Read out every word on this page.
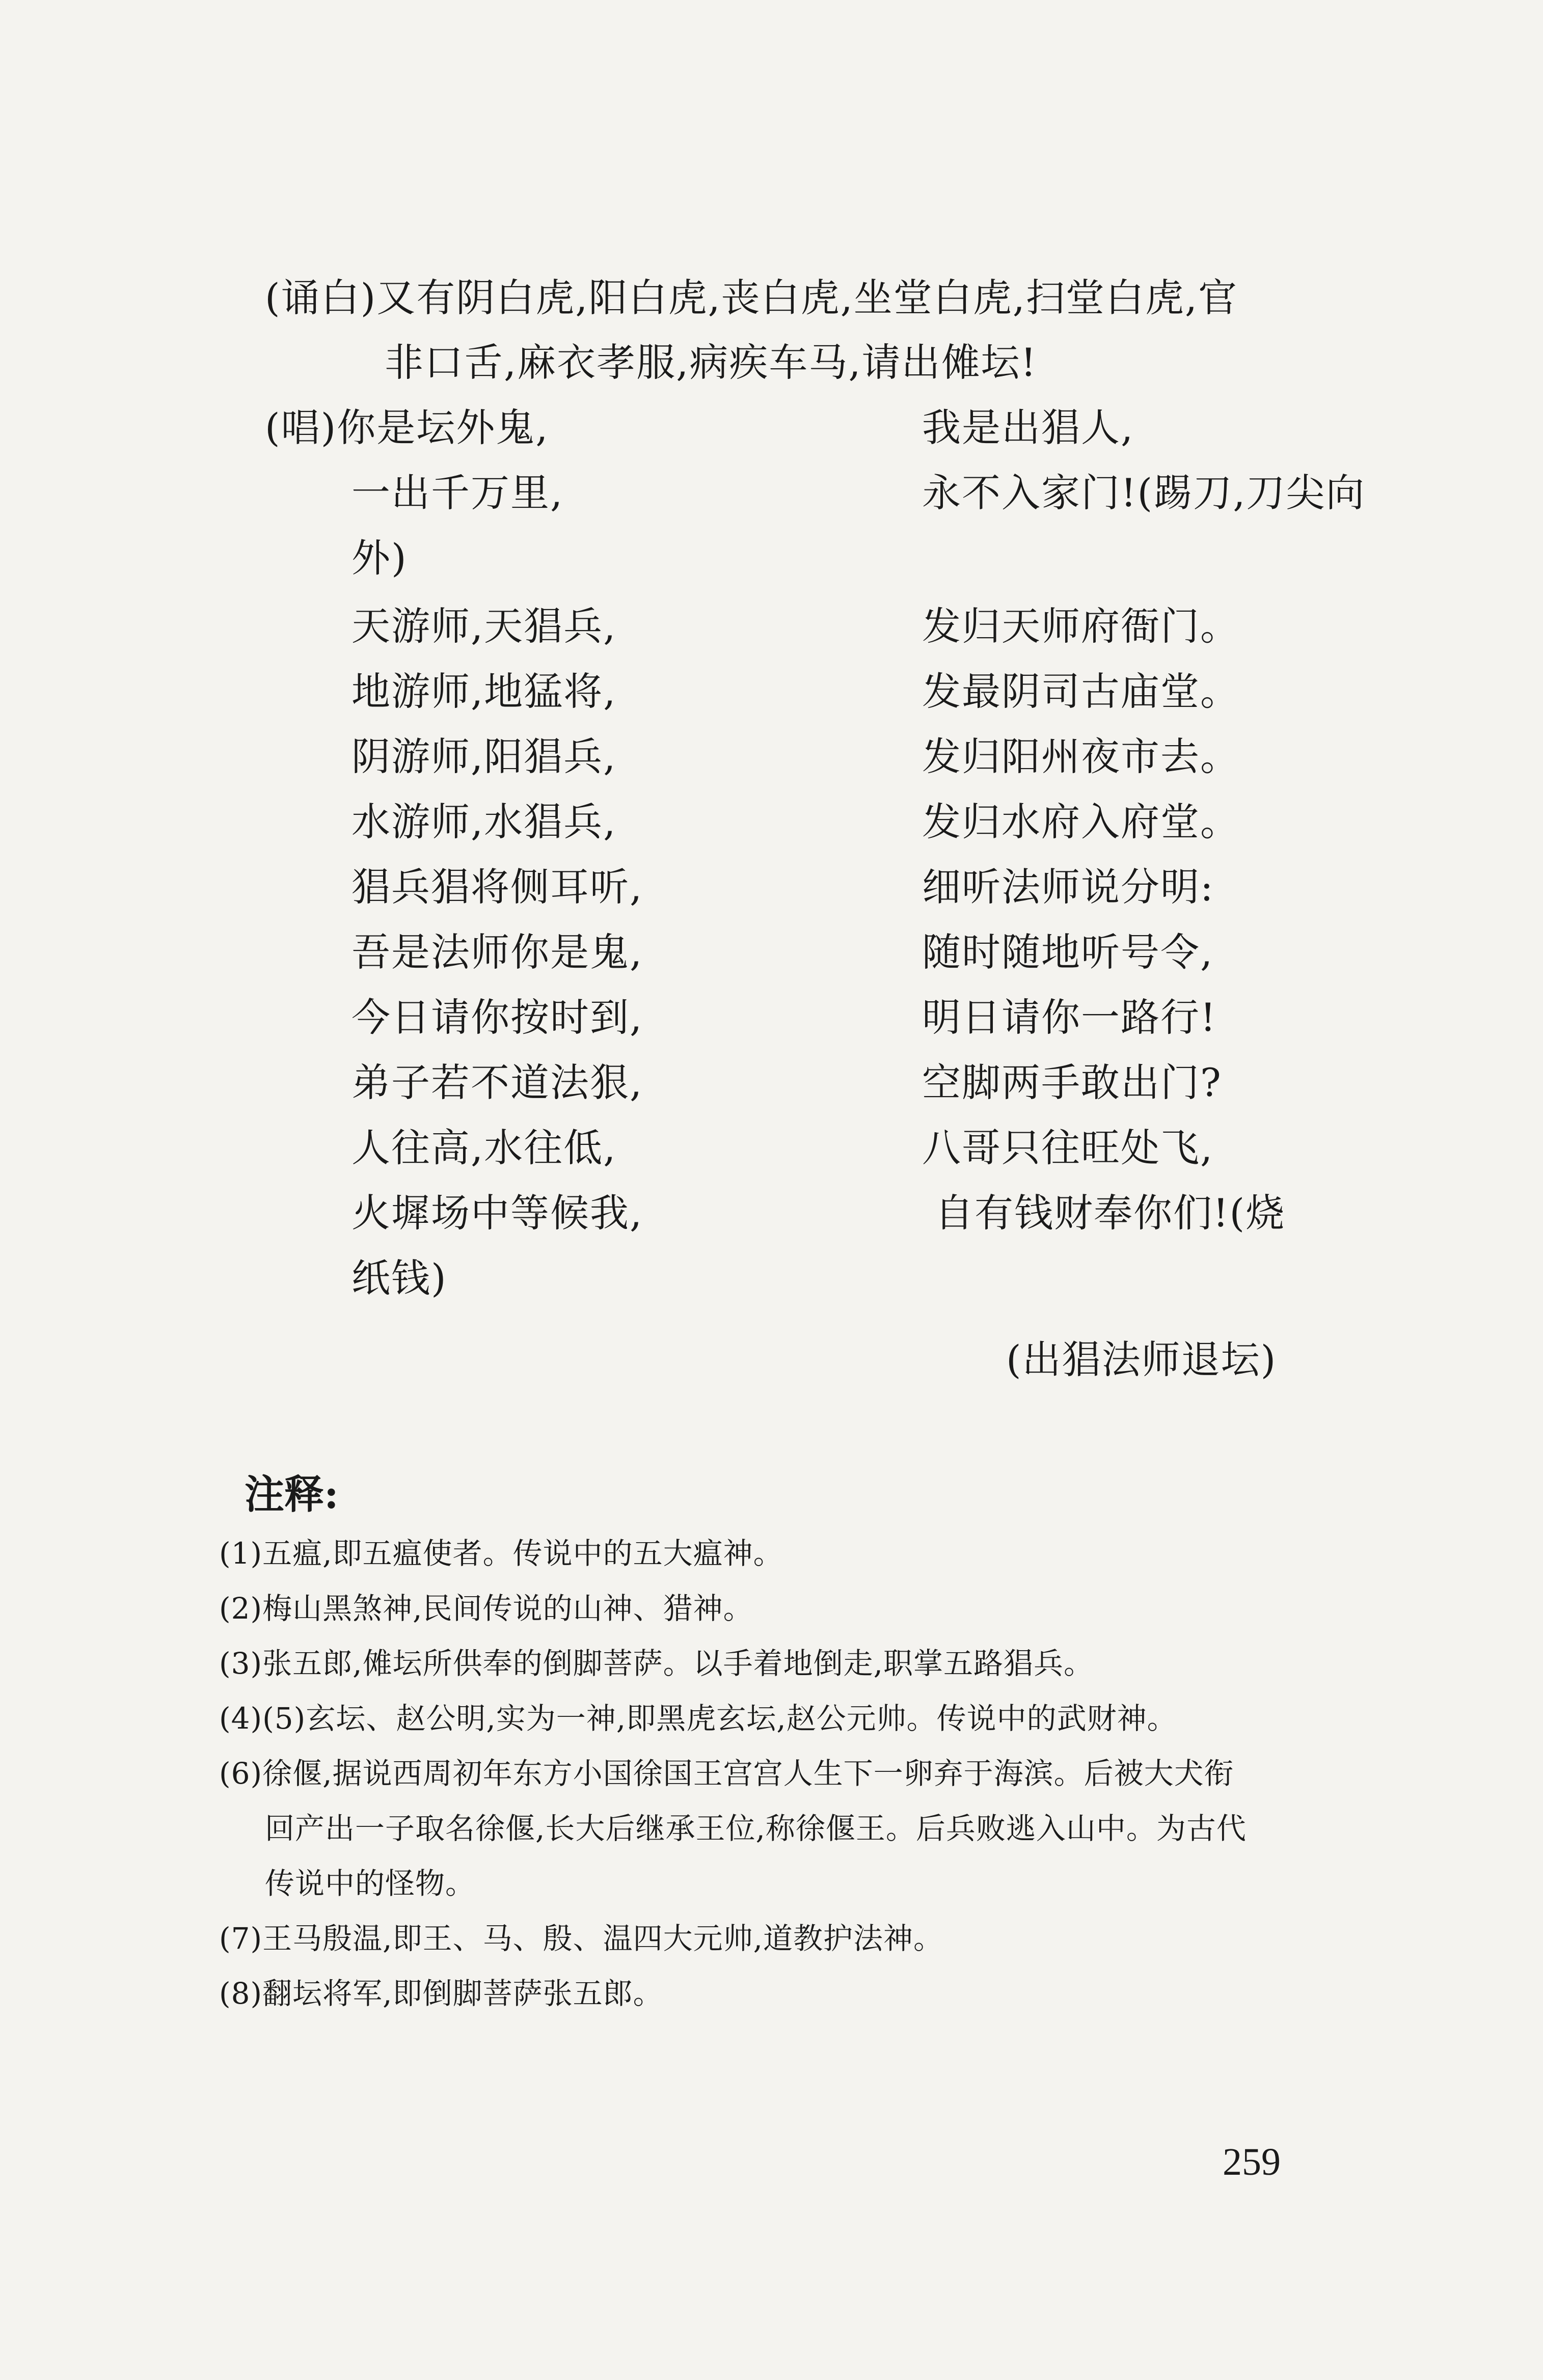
(诵白)又有阴白虎,阳白虎,丧白虎,坐堂白虎,扫堂白虎,官
非口舌,麻衣孝服,病疾车马,请出傩坛!
(唱)你是坛外鬼,	我是出猖人,
一出千万里,	永不入家门!(踢刀,刀尖向
外)
天游师,天猖兵,	发归天师府衙门。
地游师,地猛将,	发最阴司古庙堂。
阴游师,阳猖兵,	发归阳州夜市去。
水游师,水猖兵,	发归水府入府堂。
猖兵猖将侧耳听,	细听法师说分明:
吾是法师你是鬼,	随时随地听号令,
今日请你按时到,	明日请你一路行!
弟子若不道法狠,	空脚两手敢出门?
人往高,水往低,	八哥只往旺处飞,
火墀场中等候我,	自有钱财奉你们!(烧
纸钱)
(出猖法师退坛)
注释:
(1)五瘟,即五瘟使者。传说中的五大瘟神。
(2)梅山黑煞神,民间传说的山神、猎神。
(3)张五郎,傩坛所供奉的倒脚菩萨。以手着地倒走,职掌五路猖兵。
(4)(5)玄坛、赵公明,实为一神,即黑虎玄坛,赵公元帅。传说中的武财神。
(6)徐偃,据说西周初年东方小国徐国王宫宫人生下一卵弃于海滨。后被大犬衔
回产出一子取名徐偃,长大后继承王位,称徐偃王。后兵败逃入山中。为古代
传说中的怪物。
(7)王马殷温,即王、马、殷、温四大元帅,道教护法神。
(8)翻坛将军,即倒脚菩萨张五郎。
259
